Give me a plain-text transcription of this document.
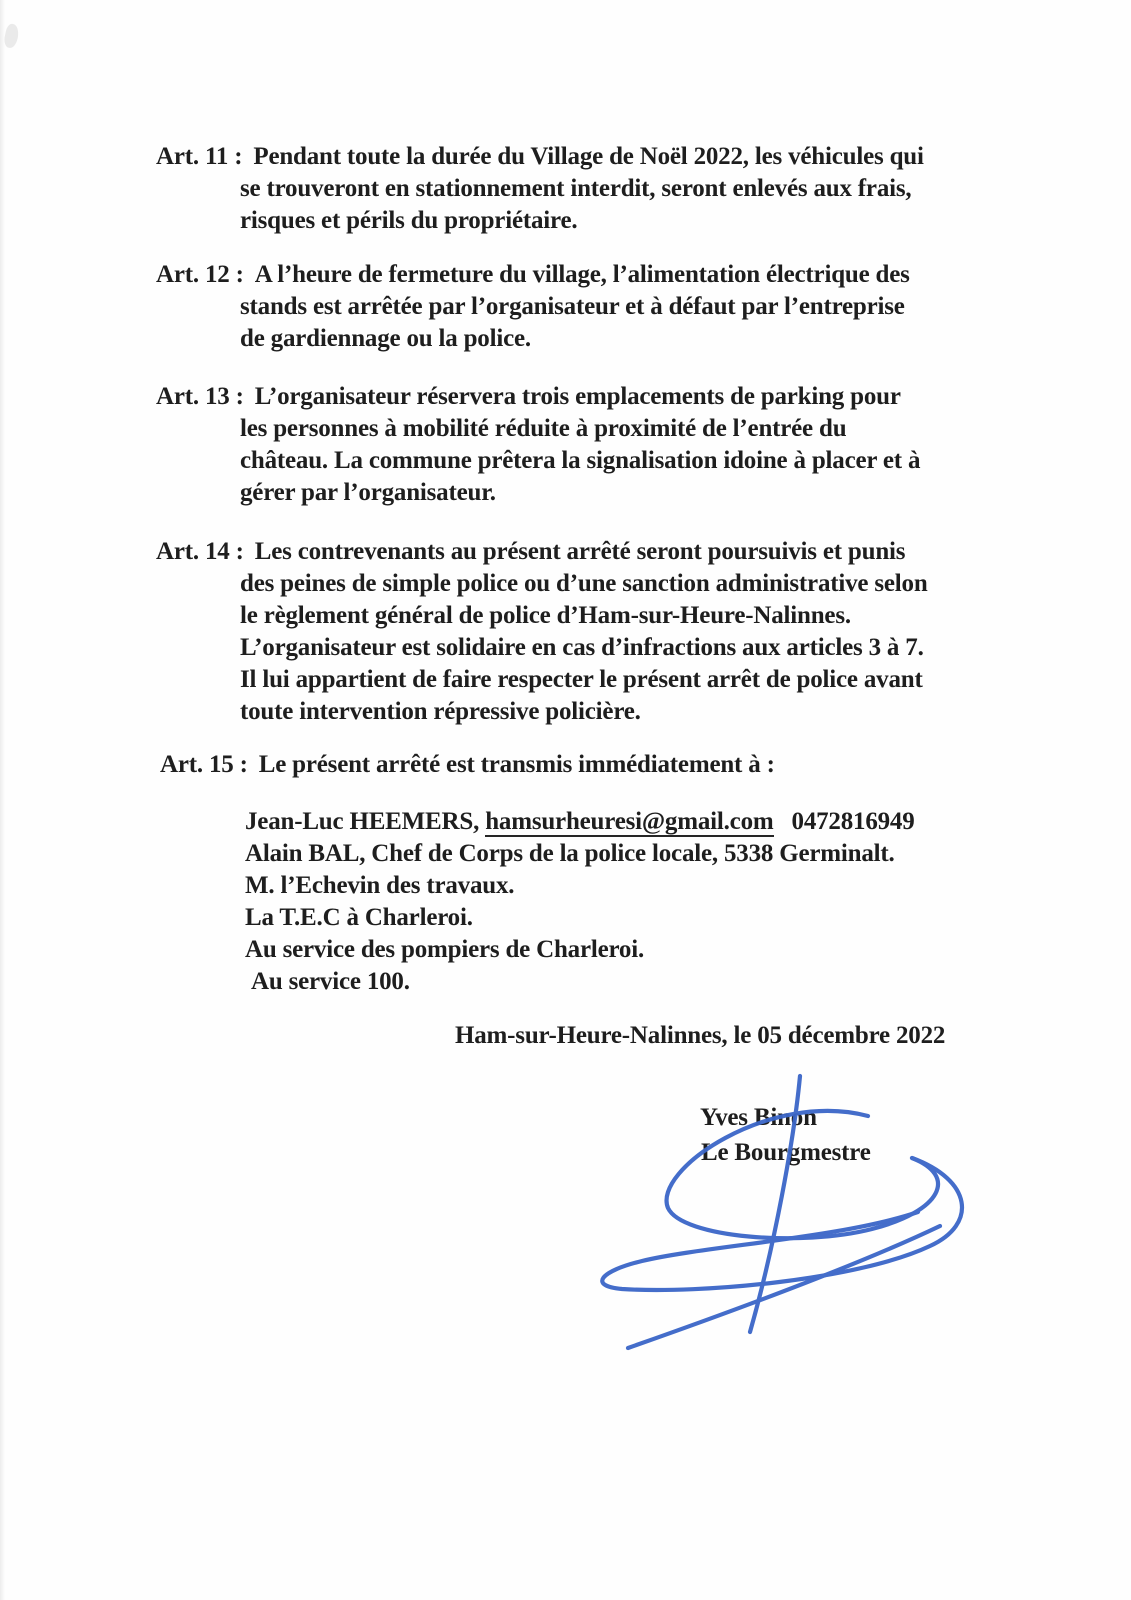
Art. 11 : Pendant toute la durée du Village de Noël 2022, les véhicules qui
se trouveront en stationnement interdit, seront enlevés aux frais,
risques et périls du propriétaire.
Art. 12 : A l’heure de fermeture du village, l’alimentation électrique des
stands est arrêtée par l’organisateur et à défaut par l’entreprise
de gardiennage ou la police.
Art. 13 : L’organisateur réservera trois emplacements de parking pour
les personnes à mobilité réduite à proximité de l’entrée du
château. La commune prêtera la signalisation idoine à placer et à
gérer par l’organisateur.
Art. 14 : Les contrevenants au présent arrêté seront poursuivis et punis
des peines de simple police ou d’une sanction administrative selon
le règlement général de police d’Ham-sur-Heure-Nalinnes.
L’organisateur est solidaire en cas d’infractions aux articles 3 à 7.
Il lui appartient de faire respecter le présent arrêt de police avant
toute intervention répressive policière.
Art. 15 : Le présent arrêté est transmis immédiatement à :
Jean-Luc HEEMERS, hamsurheuresi@gmail.com 0472816949
Alain BAL, Chef de Corps de la police locale, 5338 Germinalt.
M. l’Echevin des travaux.
La T.E.C à Charleroi.
Au service des pompiers de Charleroi.
Au service 100.
Ham-sur-Heure-Nalinnes, le 05 décembre 2022
Yves Binon
Le Bourgmestre
